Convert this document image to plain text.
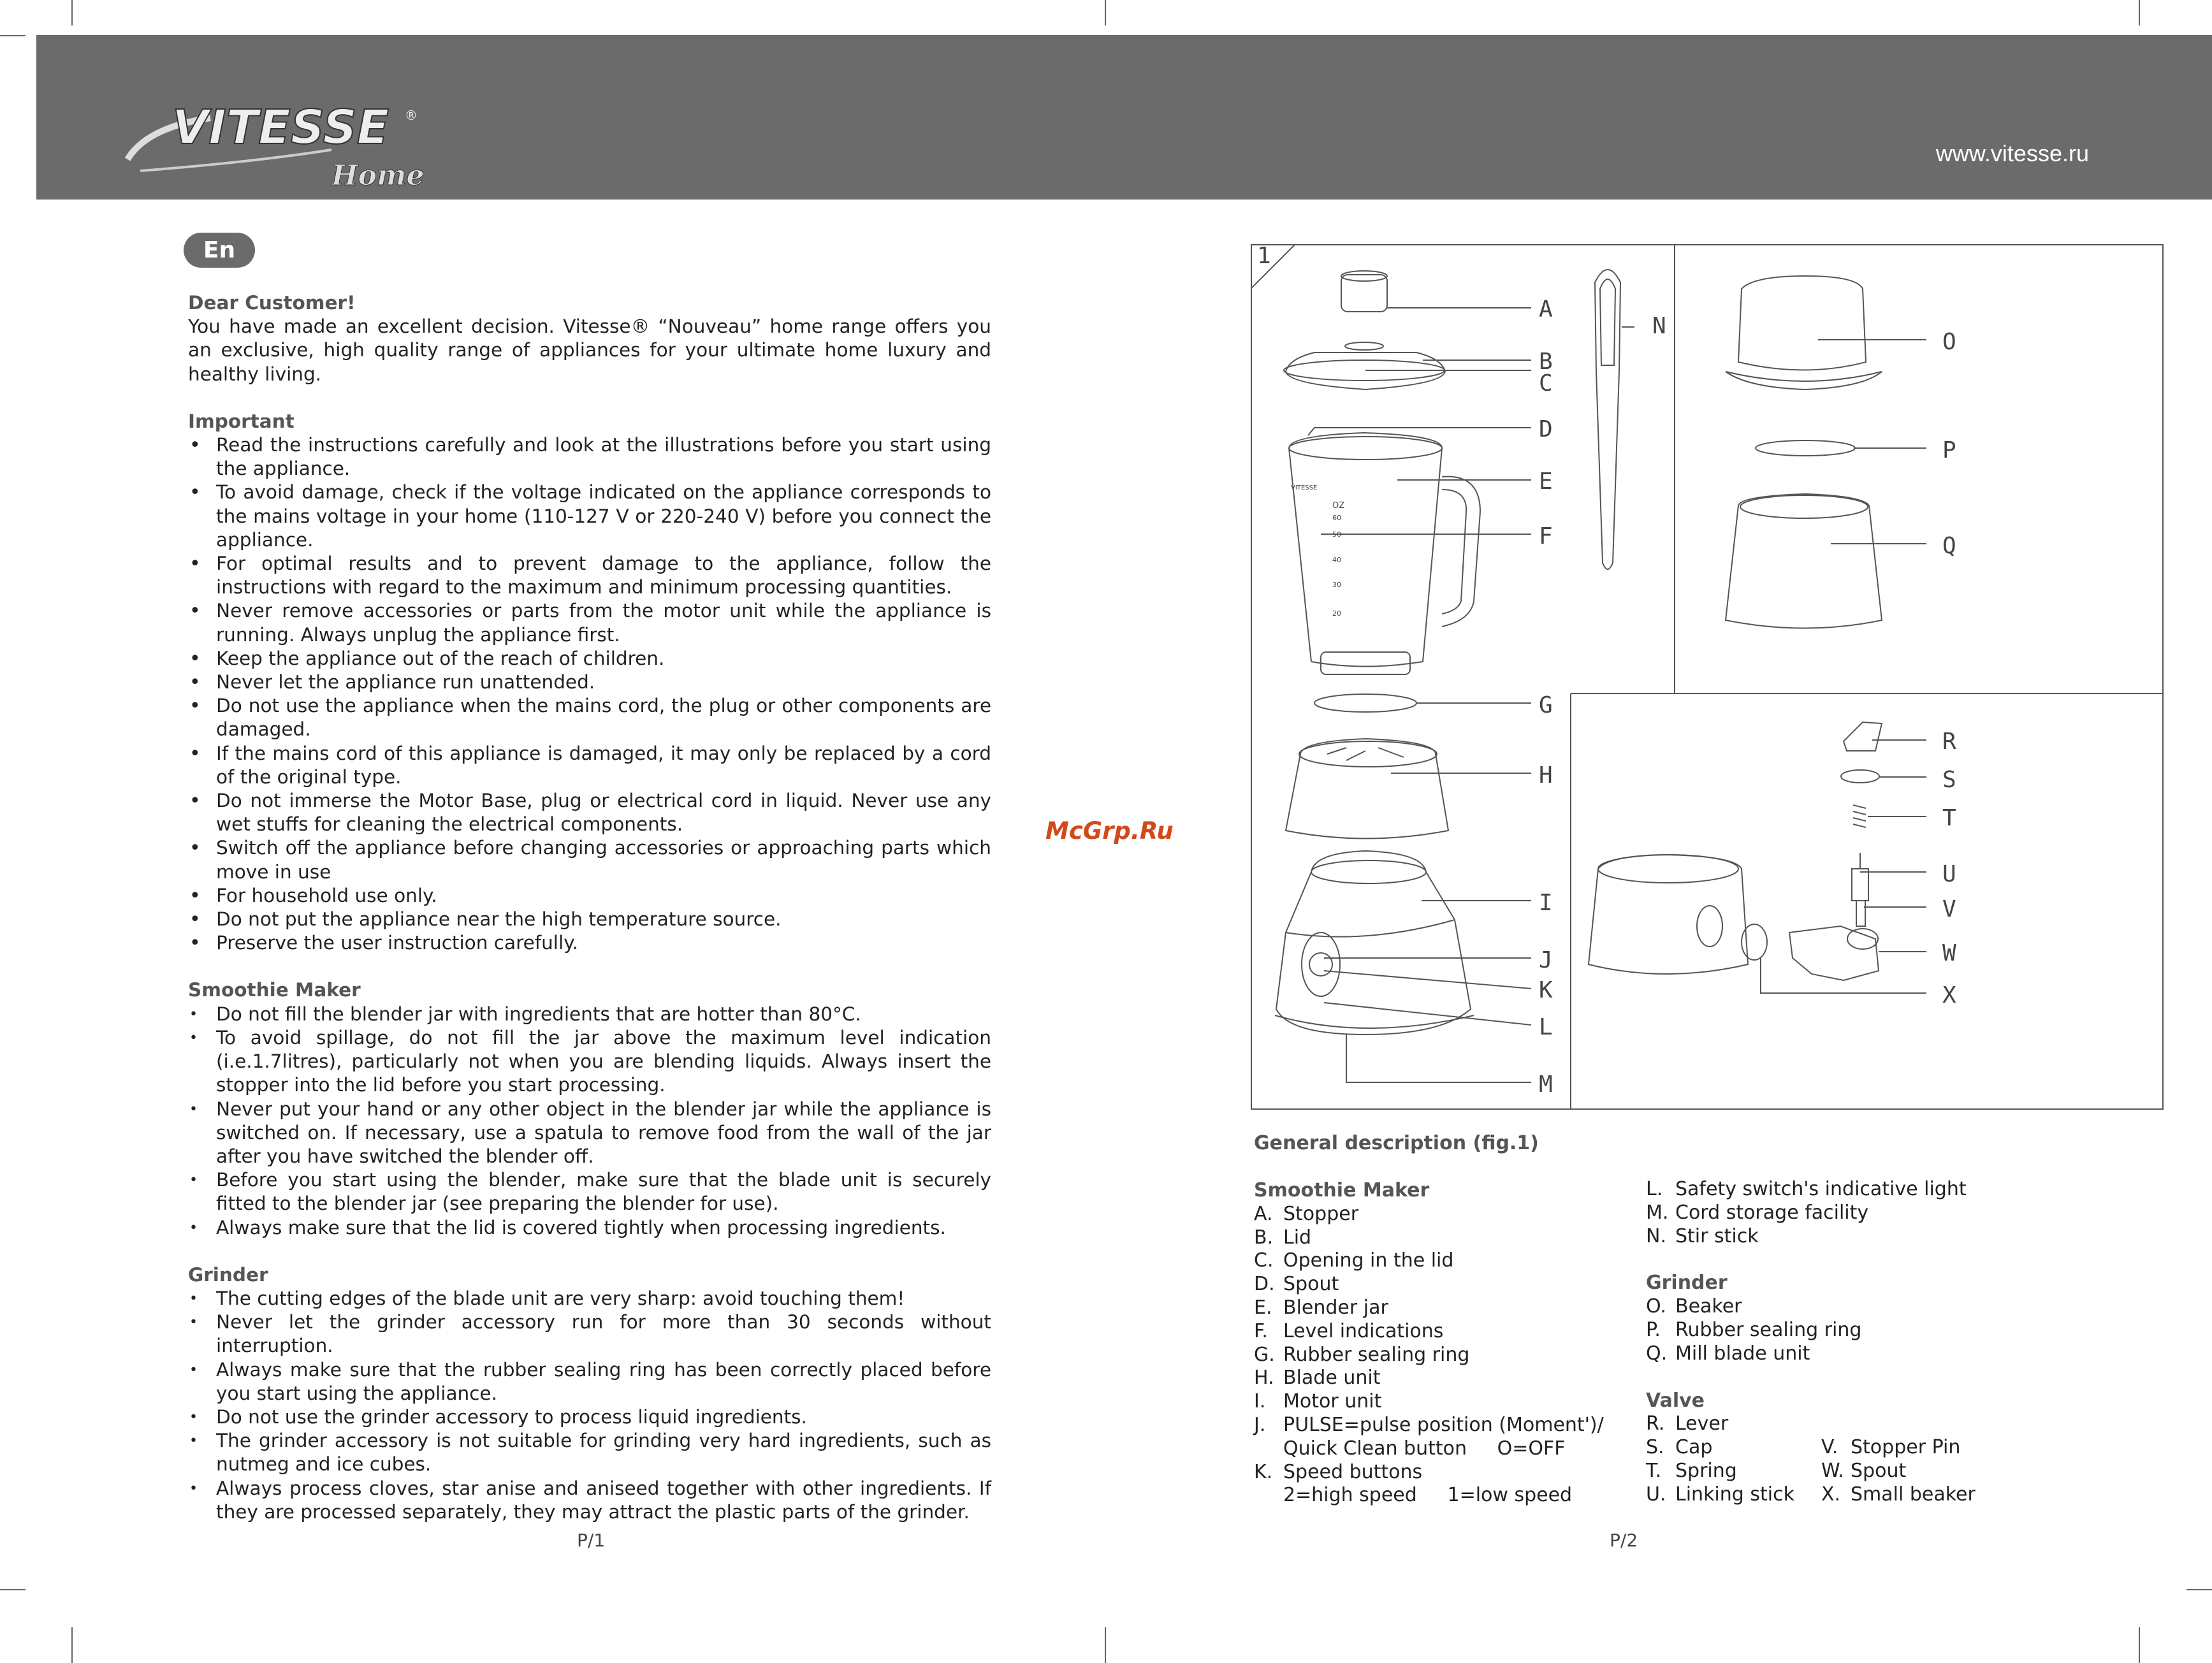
VITESSE ®
Home
www.vitesse.ru
En

Dear Customer!

You have made an excellent decision. Vitesse® “Nouveau” home range offers you an exclusive, high quality range of appliances for your ultimate home luxury and healthy living.

Important

• Read the instructions carefully and look at the illustrations before you start using the appliance.
• To avoid damage, check if the voltage indicated on the appliance corresponds to the mains voltage in your home (110-127 V or 220-240 V) before you connect the appliance.
• For optimal results and to prevent damage to the appliance, follow the instructions with regard to the maximum and minimum processing quantities.
• Never remove accessories or parts from the motor unit while the appliance is running. Always unplug the appliance first.
• Keep the appliance out of the reach of children.
• Never let the appliance run unattended.
• Do not use the appliance when the mains cord, the plug or other components are damaged.
• If the mains cord of this appliance is damaged, it may only be replaced by a cord of the original type.
• Do not immerse the Motor Base, plug or electrical cord in liquid. Never use any wet stuffs for cleaning the electrical components.
• Switch off the appliance before changing accessories or approaching parts which move in use
• For household use only.
• Do not put the appliance near the high temperature source.
• Preserve the user instruction carefully.

Smoothie Maker

• Do not fill the blender jar with ingredients that are hotter than 80°C.
• To avoid spillage, do not fill the jar above the maximum level indication (i.e.1.7litres), particularly not when you are blending liquids. Always insert the stopper into the lid before you start processing.
• Never put your hand or any other object in the blender jar while the appliance is switched on. If necessary, use a spatula to remove food from the wall of the jar after you have switched the blender off.
• Before you start using the blender, make sure that the blade unit is securely fitted to the blender jar (see preparing the blender for use).
• Always make sure that the lid is covered tightly when processing ingredients.

Grinder

• The cutting edges of the blade unit are very sharp: avoid touching them!
• Never let the grinder accessory run for more than 30 seconds without interruption.
• Always make sure that the rubber sealing ring has been correctly placed before you start using the appliance.
• Do not use the grinder accessory to process liquid ingredients.
• The grinder accessory is not suitable for grinding very hard ingredients, such as nutmeg and ice cubes.
• Always process cloves, star anise and aniseed together with other ingredients. If they are processed separately, they may attract the plastic parts of the grinder.
McGrp.Ru
1
VITESSE
OZ
60
50
40
30
20
A
B
C
D
E
F
G
H
I
J
K
L
M
N
O
P
Q
R
S
T
U
V
W
X
General description (fig.1)
Smoothie Maker
A. Stopper
B. Lid
C. Opening in the lid
D. Spout
E. Blender jar
F. Level indications
G. Rubber sealing ring
H. Blade unit
I. Motor unit
J. PULSE=pulse position (Moment')/
Quick Clean button     O=OFF
K. Speed buttons
2=high speed     1=low speed
L. Safety switch's indicative light
M. Cord storage facility
N. Stir stick
Grinder
O. Beaker
P. Rubber sealing ring
Q. Mill blade unit
Valve
R. Lever
S. Cap	V. Stopper Pin
T. Spring	W. Spout
U. Linking stick X. Small beaker
P/1	P/2
